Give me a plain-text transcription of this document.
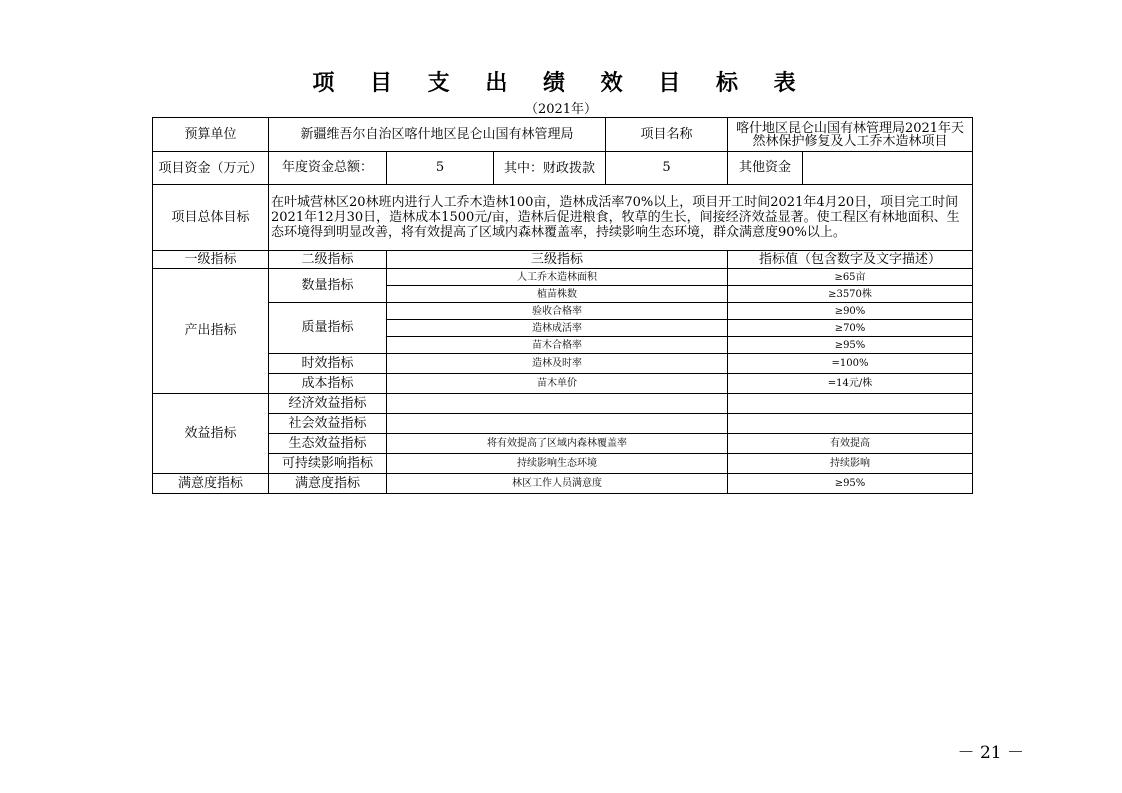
项 目 支 出 绩 效 目 标 表
（2021年）
预算单位	新疆维吾尔自治区喀什地区昆仑山国有林管理局			项目名称	喀什地区昆仑山国有林管理局2021年天然林保护修复及人工乔木造林项目	
项目资金（万元）	年度资金总额：	5	其中：财政拨款	5	其他资金	
项目总体目标	在叶城营林区20林班内进行人工乔木造林100亩，造林成活率70%以上，项目开工时间2021年4月20日，项目完工时间2021年12月30日，造林成本1500元/亩，造林后促进粮食，牧草的生长，间接经济效益显著。使工程区有林地面积、生态环境得到明显改善，将有效提高了区域内森林覆盖率，持续影响生态环境，群众满意度90%以上。					
一级指标	二级指标	三级指标			指标值（包含数字及文字描述）	
产出指标	数量指标	人工乔木造林面积			≥65亩	
		植苗株数			≥3570株	
	质量指标	验收合格率			≥90%	
		造林成活率			≥70%	
		苗木合格率			≥95%	
	时效指标	造林及时率			=100%	
	成本指标	苗木单价			=14元/株	
效益指标	经济效益指标					
	社会效益指标					
	生态效益指标	将有效提高了区域内森林覆盖率			有效提高	
	可持续影响指标	持续影响生态环境			持续影响	
满意度指标	满意度指标	林区工作人员满意度			≥95%	
－ 21 －
